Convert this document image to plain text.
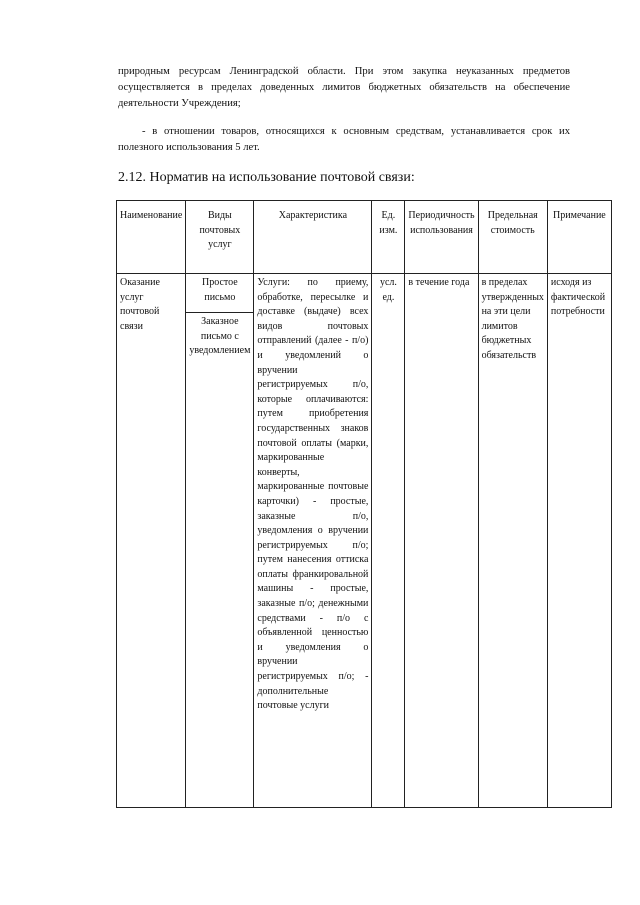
природным ресурсам Ленинградской области. При этом закупка неуказанных предметов осуществляется в пределах доведенных лимитов бюджетных обязательств на обеспечение деятельности Учреждения;

- в отношении товаров, относящихся к основным средствам, устанавливается срок их полезного использования 5 лет.

2.12. Норматив на использование почтовой связи:

Наименование	Виды почтовых услуг	Характеристика	Ед. изм.	Периодичность использования	Предельная стоимость	Примечание
Оказание услуг почтовой связи	Простое письмо	Услуги: по приему, обработке, пересылке и доставке (выдаче) всех видов почтовых отправлений (далее - п/о) и уведомлений о вручении регистрируемых п/о, которые оплачиваются: путем приобретения государственных знаков почтовой оплаты (марки, маркированные конверты, маркированные почтовые карточки) - простые, заказные п/о, уведомления о вручении регистрируемых п/о; путем нанесения оттиска оплаты франкировальной машины - простые, заказные п/о; денежными средствами - п/о с объявленной ценностью и уведомления о вручении регистрируемых п/о; - дополнительные почтовые услуги	усл. ед.	в течение года	в пределах утвержденных на эти цели лимитов бюджетных обязательств	исходя из фактической потребности
	Заказное письмо с уведомлением					
